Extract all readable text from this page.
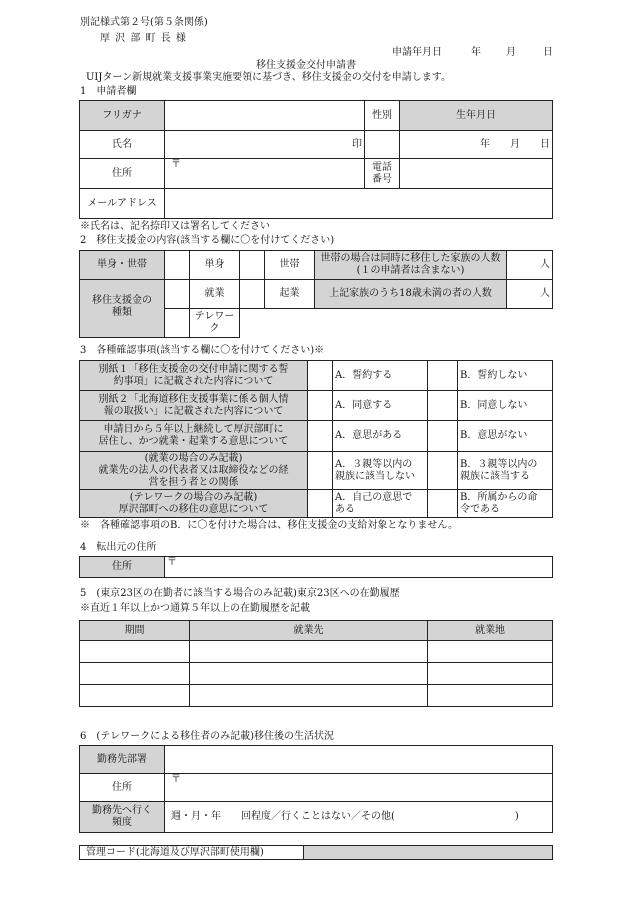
別記様式第２号(第５条関係)
厚 沢 部 町 長 様
申請年月日	年	月	日
移住支援金交付申請書
UIJターン新規就業支援事業実施要領に基づき、移住支援金の交付を申請します。
1　申請者欄
フリガナ		性別	生年月日
氏名	印		年　　 月　　 日
住所	〒	電話
番号	
メールアドレス			
※氏名は、記名捺印又は署名してください
2　移住支援金の内容(該当する欄に〇を付けてください)
単身・世帯		単身		世帯	世帯の場合は同時に移住した家族の人数(１の申請者は含まない)	人
移住支援金の
種類		就業		起業	上記家族のうち18歳未満の者の人数	人
		テレワーク				
3　各種確認事項(該当する欄に〇を付けてください)※
別紙１「移住支援金の交付申請に関する誓
約事項」に記載された内容について		A．誓約する		B．誓約しない
別紙２「北海道移住支援事業に係る個人情
報の取扱い」に記載された内容について		A．同意する		B．同意しない
申請日から５年以上継続して厚沢部町に
居住し、かつ就業・起業する意思について		A．意思がある		B．意思がない
(就業の場合のみ記載)
就業先の法人の代表者又は取締役などの経
営を担う者との関係		A．３親等以内の
親族に該当しない		B．３親等以内の
親族に該当する
(テレワークの場合のみ記載)
厚沢部町への移住の意思について		A．自己の意思で
ある		B．所属からの命
令である
※　各種確認事項のB．に〇を付けた場合は、移住支援金の支給対象となりません。
4　転出元の住所
住所	〒
5　(東京23区の在勤者に該当する場合のみ記載)東京23区への在勤履歴
※直近１年以上かつ通算５年以上の在勤履歴を記載
期間	就業先	就業地

6　(テレワークによる移住者のみ記載)移住後の生活状況
勤務先部署	
住所	〒
勤務先へ行く
頻度	週・月・年　　回程度／行くことはない／その他(　　　　　　　　　　　　)
管理コード(北海道及び厚沢部町使用欄)	
